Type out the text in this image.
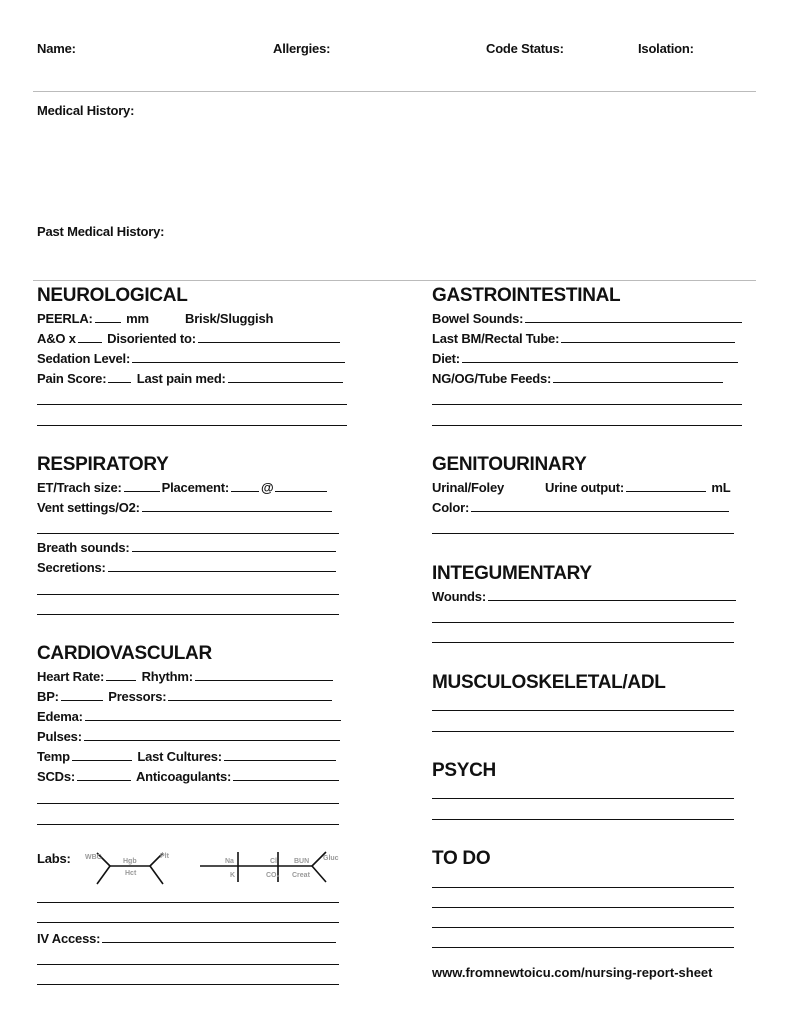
Name:	Allergies:	Code Status:	Isolation:
Medical History:
Past Medical History:
NEUROLOGICAL
PEERLA:	mm	Brisk/Sluggish
A&O x Disoriented to:
Sedation Level:
Pain Score: Last pain med:
RESPIRATORY
ET/Trach size:	Placement: @
Vent settings/O2:
Breath sounds:
Secretions:
CARDIOVASCULAR
Heart Rate:	Rhythm:
BP:	Pressors:
Edema:
Pulses:
Temp	Last Cultures:
SCDs:	Anticoagulants:
Labs: WBC
Hgb
Hct
Plt
Na
K
Cl
CO₂
BUN
Creat
Gluc
IV Access:
GASTROINTESTINAL
Bowel Sounds:
Last BM/Rectal Tube:
Diet:
NG/OG/Tube Feeds:
GENITOURINARY
Urinal/Foley	Urine output:	mL
Color:
INTEGUMENTARY
Wounds:
MUSCULOSKELETAL/ADL
PSYCH
TO DO
www.fromnewtoicu.com/nursing-report-sheet
